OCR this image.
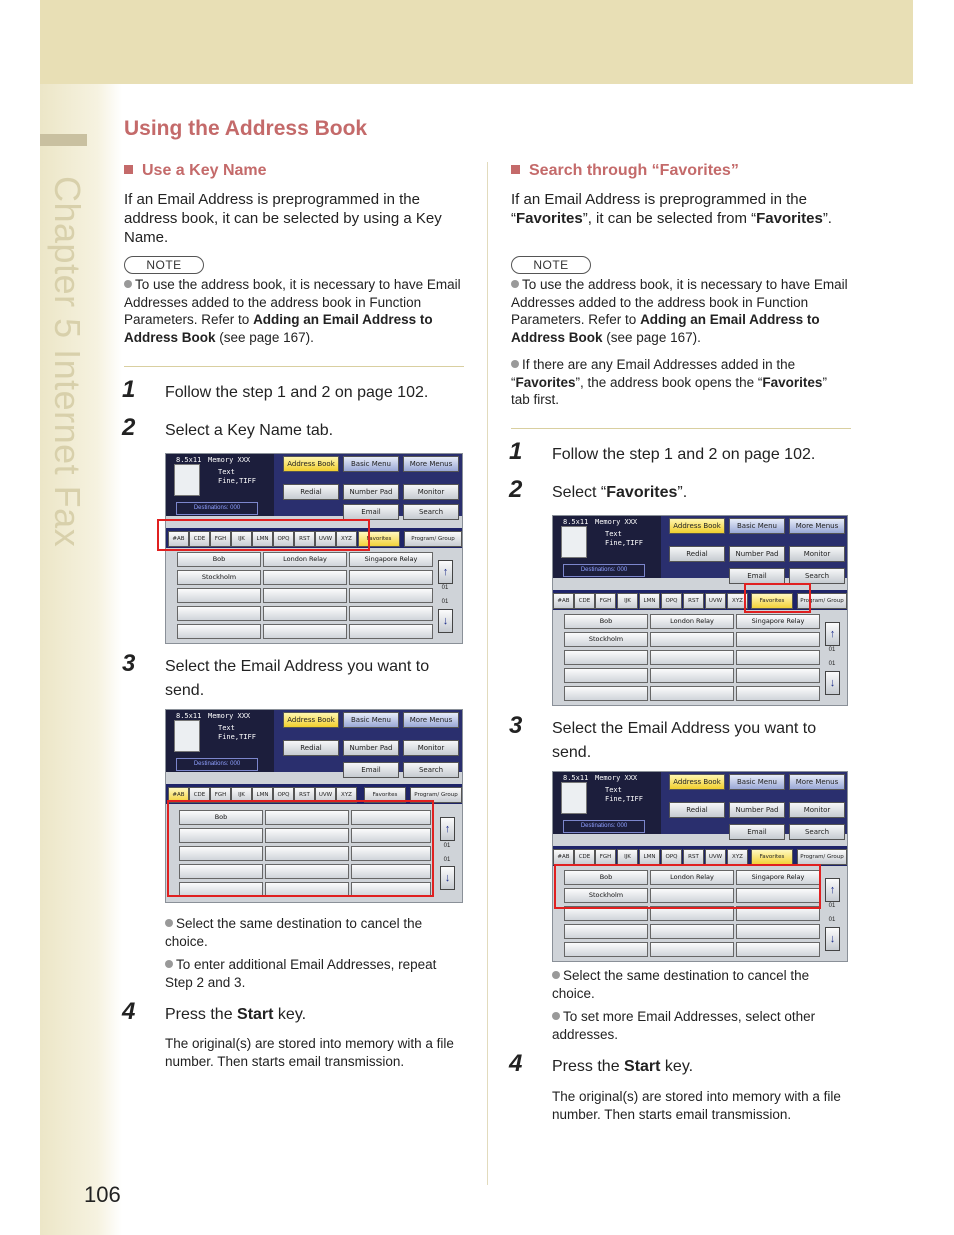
Chapter 5 Internet Fax
106
Using the Address Book
Use a Key Name
If an Email Address is preprogrammed in the address book, it can be selected by using a Key Name.
NOTE
To use the address book, it is necessary to have Email Addresses added to the address book in Function Parameters. Refer to Adding an Email Address to Address Book (see page 167).
1 Follow the step 1 and 2 on page 102.
2 Select a Key Name tab.
8.5x11 Memory XXX
Text
Fine,TIFF
Destinations: 000
Address Book	Basic Menu	More Menus
Redial	Number Pad	Monitor
Email	Search
#AB	CDE	FGH	IJK	LMN	OPQ	RST	UVW	XYZ	Favorites	Program/ Group
Bob	London Relay	Singapore Relay
Stockholm	↑
01
01
↓
3 Select the Email Address you want to send.
8.5x11 Memory XXX
Text
Fine,TIFF
Destinations: 000
Address Book	Basic Menu	More Menus
Redial	Number Pad	Monitor
Email	Search
#AB	CDE	FGH	IJK	LMN	OPQ	RST	UVW	XYZ	Favorites	Program/ Group
Bob
↑
01
01
↓
Select the same destination to cancel the choice.
To enter additional Email Addresses, repeat Step 2 and 3.
4 Press the Start key.
The original(s) are stored into memory with a file number. Then starts email transmission.
Search through “Favorites”
If an Email Address is preprogrammed in the “Favorites”, it can be selected from “Favorites”.
NOTE
To use the address book, it is necessary to have Email Addresses added to the address book in Function Parameters. Refer to Adding an Email Address to Address Book (see page 167).
If there are any Email Addresses added in the “Favorites”, the address book opens the “Favorites” tab first.
1 Follow the step 1 and 2 on page 102.
2 Select “Favorites”.
8.5x11 Memory XXX
Text
Fine,TIFF
Destinations: 000
Address Book	Basic Menu	More Menus
Redial	Number Pad	Monitor
Email	Search
#AB	CDE	FGH	IJK	LMN	OPQ	RST	UVW	XYZ	Favorites	Program/ Group
Bob	London Relay	Singapore Relay
Stockholm	↑
01
01
↓
3 Select the Email Address you want to send.
8.5x11 Memory XXX
Text
Fine,TIFF
Destinations: 000
Address Book	Basic Menu	More Menus
Redial	Number Pad	Monitor
Email	Search
#AB	CDE	FGH	IJK	LMN	OPQ	RST	UVW	XYZ	Favorites	Program/ Group
Bob	London Relay	Singapore Relay
Stockholm	↑
01
01
↓
Select the same destination to cancel the choice.
To set more Email Addresses, select other addresses.
4 Press the Start key.
The original(s) are stored into memory with a file number. Then starts email transmission.
